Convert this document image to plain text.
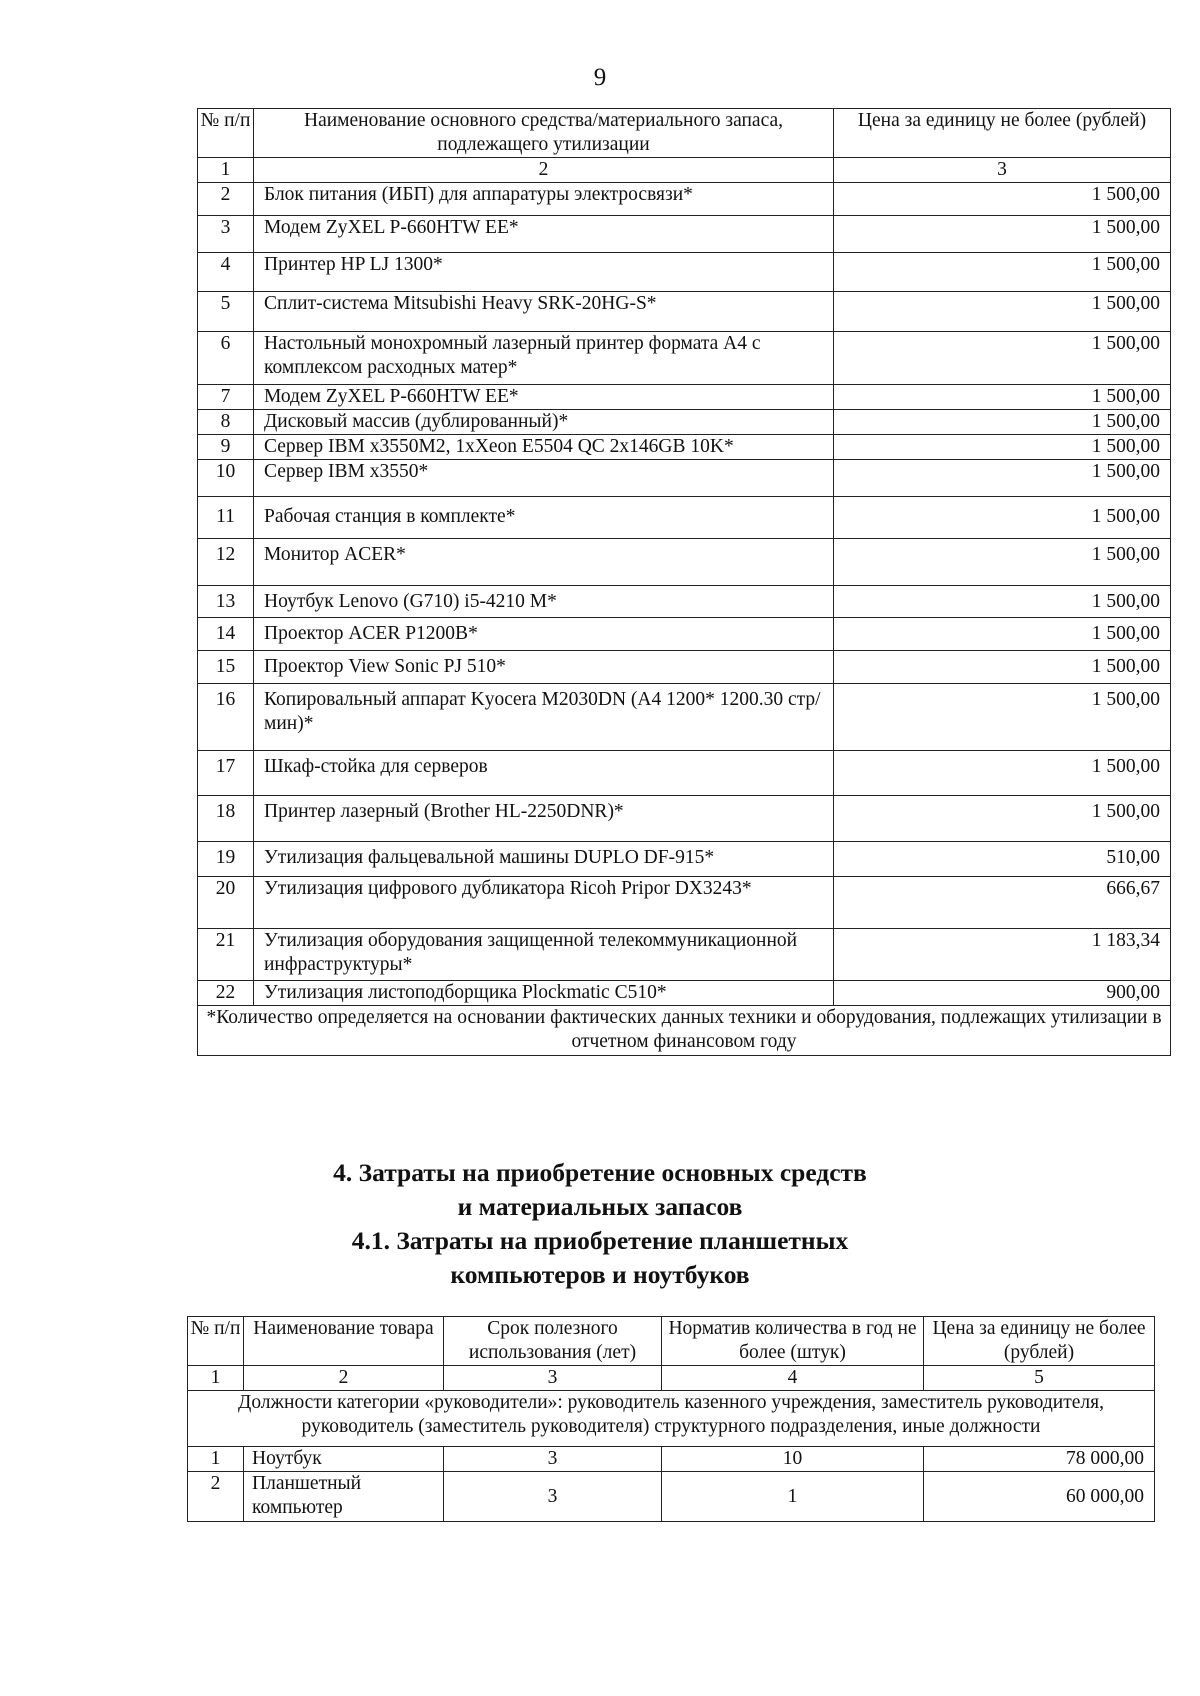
9
№ п/п	Наименование основного средства/материального запаса, подлежащего утилизации	Цена за единицу не более (рублей)
1	2	3
2	Блок питания (ИБП) для аппаратуры электросвязи*	1 500,00
3	Модем ZyXEL P-660HTW EE*	1 500,00
4	Принтер HP LJ 1300*	1 500,00
5	Сплит-система Mitsubishi Heavy SRK-20HG-S*	1 500,00
6	Настольный монохромный лазерный принтер формата А4 с комплексом расходных матер*	1 500,00
7	Модем ZyXEL P-660HTW EE*	1 500,00
8	Дисковый массив (дублированный)*	1 500,00
9	Сервер IBM x3550M2, 1xXeon E5504 QC 2x146GB 10K*	1 500,00
10	Сервер IBM x3550*	1 500,00
11	Рабочая станция в комплекте*	1 500,00
12	Монитор ACER*	1 500,00
13	Ноутбук Lenovo (G710) i5-4210 M*	1 500,00
14	Проектор ACER P1200B*	1 500,00
15	Проектор View Sonic PJ 510*	1 500,00
16	Копировальный аппарат Kyocera M2030DN (A4 1200* 1200.30 стр/мин)*	1 500,00
17	Шкаф-стойка для серверов	1 500,00
18	Принтер лазерный (Brother HL-2250DNR)*	1 500,00
19	Утилизация фальцевальной машины DUPLO DF-915*	510,00
20	Утилизация цифрового дубликатора Ricoh Pripor DX3243*	666,67
21	Утилизация оборудования защищенной телекоммуникационной инфраструктуры*	1 183,34
22	Утилизация листоподборщика Plockmatic C510*	900,00
*Количество определяется на основании фактических данных техники и оборудования, подлежащих утилизации в отчетном финансовом году		
4. Затраты на приобретение основных средств
и материальных запасов
4.1. Затраты на приобретение планшетных
компьютеров и ноутбуков
№ п/п	Наименование товара	Срок полезного использования (лет)	Норматив количества в год не более (штук)	Цена за единицу не более (рублей)
1	2	3	4	5
Должности категории «руководители»: руководитель казенного учреждения, заместитель руководителя, руководитель (заместитель руководителя) структурного подразделения, иные должности				
1	Ноутбук	3	10	78 000,00
2	Планшетный компьютер	3	1	60 000,00
